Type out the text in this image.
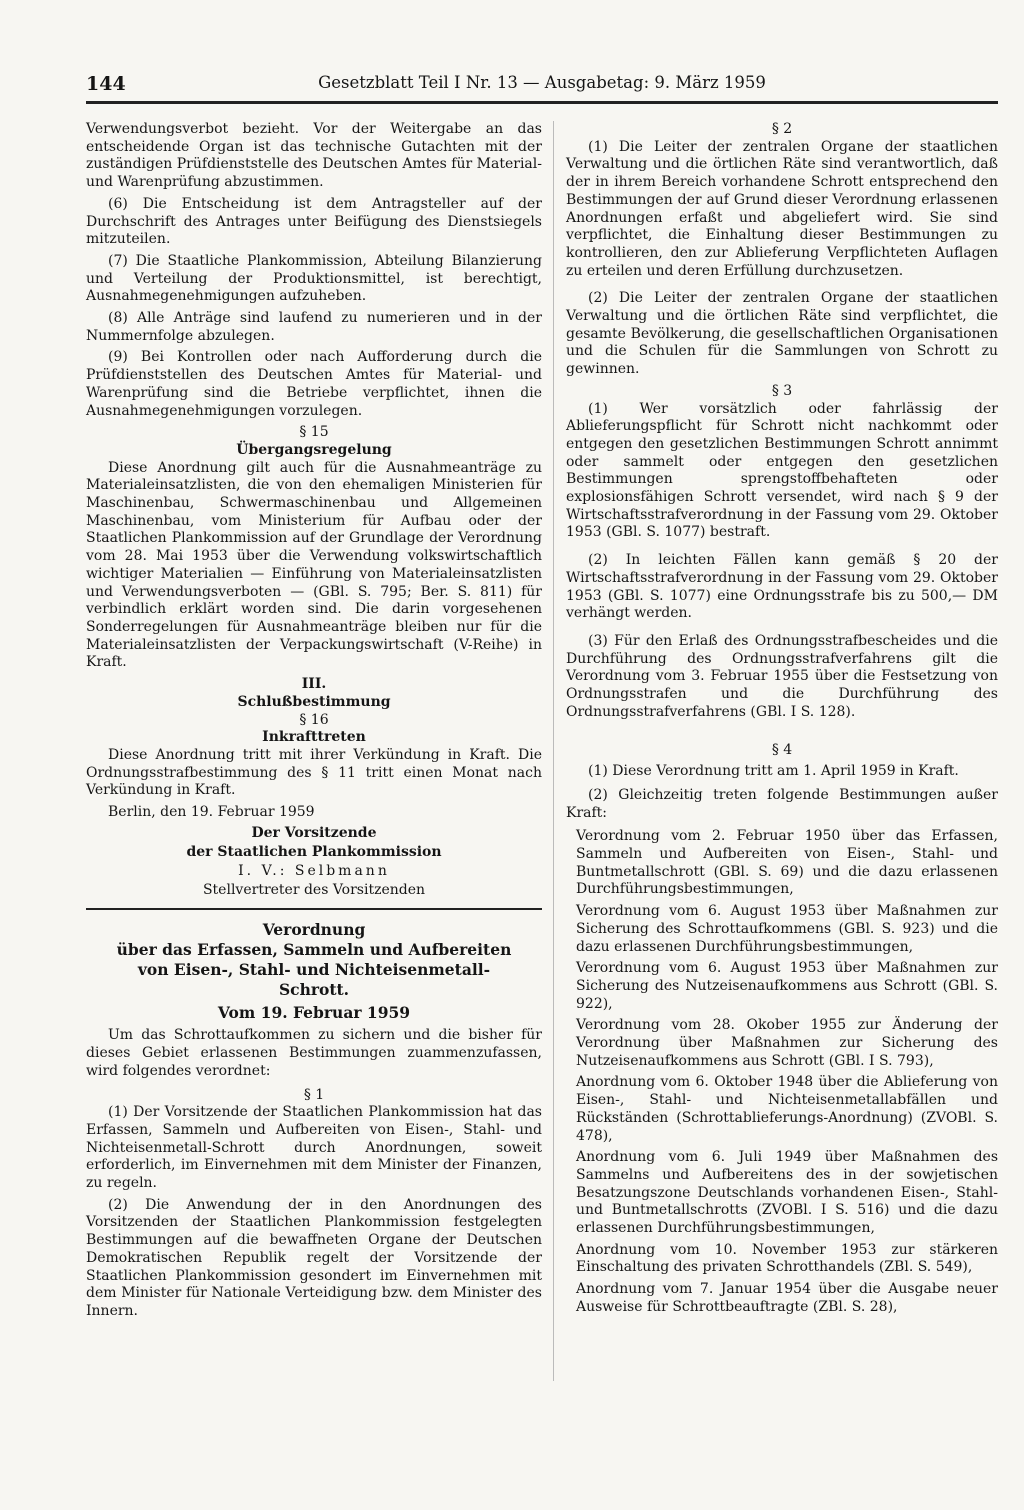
144	Gesetzblatt Teil I Nr. 13 — Ausgabetag: 9. März 1959

Verwendungsverbot bezieht. Vor der Weitergabe an das entscheidende Organ ist das technische Gutachten mit der zuständigen Prüfdienststelle des Deutschen Amtes für Material- und Warenprüfung abzustimmen.

(6) Die Entscheidung ist dem Antragsteller auf der Durchschrift des Antrages unter Beifügung des Dienstsiegels mitzuteilen.

(7) Die Staatliche Plankommission, Abteilung Bilanzierung und Verteilung der Produktionsmittel, ist berechtigt, Ausnahmegenehmigungen aufzuheben.

(8) Alle Anträge sind laufend zu numerieren und in der Nummernfolge abzulegen.

(9) Bei Kontrollen oder nach Aufforderung durch die Prüfdienststellen des Deutschen Amtes für Material- und Warenprüfung sind die Betriebe verpflichtet, ihnen die Ausnahmegenehmigungen vorzulegen.

§ 15

Übergangsregelung

Diese Anordnung gilt auch für die Ausnahmeanträge zu Materialeinsatzlisten, die von den ehemaligen Ministerien für Maschinenbau, Schwermaschinenbau und Allgemeinen Maschinenbau, vom Ministerium für Aufbau oder der Staatlichen Plankommission auf der Grundlage der Verordnung vom 28. Mai 1953 über die Verwendung volkswirtschaftlich wichtiger Materialien — Einführung von Materialeinsatzlisten und Verwendungsverboten — (GBl. S. 795; Ber. S. 811) für verbindlich erklärt worden sind. Die darin vorgesehenen Sonderregelungen für Ausnahmeanträge bleiben nur für die Materialeinsatzlisten der Verpackungswirtschaft (V-Reihe) in Kraft.

III.

Schlußbestimmung

§ 16

Inkrafttreten

Diese Anordnung tritt mit ihrer Verkündung in Kraft. Die Ordnungsstrafbestimmung des § 11 tritt einen Monat nach Verkündung in Kraft.

Berlin, den 19. Februar 1959

Der Vorsitzende
der Staatlichen Plankommission
I. V.: Selbmann
Stellvertreter des Vorsitzenden
Verordnung
über das Erfassen, Sammeln und Aufbereiten von Eisen-, Stahl- und Nichteisenmetall-Schrott.
Vom 19. Februar 1959

Um das Schrottaufkommen zu sichern und die bisher für dieses Gebiet erlassenen Bestimmungen zuammenzufassen, wird folgendes verordnet:

§ 1

(1) Der Vorsitzende der Staatlichen Plankommission hat das Erfassen, Sammeln und Aufbereiten von Eisen-, Stahl- und Nichteisenmetall-Schrott durch Anordnungen, soweit erforderlich, im Einvernehmen mit dem Minister der Finanzen, zu regeln.

(2) Die Anwendung der in den Anordnungen des Vorsitzenden der Staatlichen Plankommission festgelegten Bestimmungen auf die bewaffneten Organe der Deutschen Demokratischen Republik regelt der Vorsitzende der Staatlichen Plankommission gesondert im Einvernehmen mit dem Minister für Nationale Verteidigung bzw. dem Minister des Innern.

§ 2

(1) Die Leiter der zentralen Organe der staatlichen Verwaltung und die örtlichen Räte sind verantwortlich, daß der in ihrem Bereich vorhandene Schrott entsprechend den Bestimmungen der auf Grund dieser Verordnung erlassenen Anordnungen erfaßt und abgeliefert wird. Sie sind verpflichtet, die Einhaltung dieser Bestimmungen zu kontrollieren, den zur Ablieferung Verpflichteten Auflagen zu erteilen und deren Erfüllung durchzusetzen.

(2) Die Leiter der zentralen Organe der staatlichen Verwaltung und die örtlichen Räte sind verpflichtet, die gesamte Bevölkerung, die gesellschaftlichen Organisationen und die Schulen für die Sammlungen von Schrott zu gewinnen.

§ 3

(1) Wer vorsätzlich oder fahrlässig der Ablieferungspflicht für Schrott nicht nachkommt oder entgegen den gesetzlichen Bestimmungen Schrott annimmt oder sammelt oder entgegen den gesetzlichen Bestimmungen sprengstoffbehafteten oder explosionsfähigen Schrott versendet, wird nach § 9 der Wirtschaftsstrafverordnung in der Fassung vom 29. Oktober 1953 (GBl. S. 1077) bestraft.

(2) In leichten Fällen kann gemäß § 20 der Wirtschaftsstrafverordnung in der Fassung vom 29. Oktober 1953 (GBl. S. 1077) eine Ordnungsstrafe bis zu 500,— DM verhängt werden.

(3) Für den Erlaß des Ordnungsstrafbescheides und die Durchführung des Ordnungsstrafverfahrens gilt die Verordnung vom 3. Februar 1955 über die Festsetzung von Ordnungsstrafen und die Durchführung des Ordnungsstrafverfahrens (GBl. I S. 128).

§ 4

(1) Diese Verordnung tritt am 1. April 1959 in Kraft.

(2) Gleichzeitig treten folgende Bestimmungen außer Kraft:

Verordnung vom 2. Februar 1950 über das Erfassen, Sammeln und Aufbereiten von Eisen-, Stahl- und Buntmetallschrott (GBl. S. 69) und die dazu erlassenen Durchführungsbestimmungen,

Verordnung vom 6. August 1953 über Maßnahmen zur Sicherung des Schrottaufkommens (GBl. S. 923) und die dazu erlassenen Durchführungsbestimmungen,

Verordnung vom 6. August 1953 über Maßnahmen zur Sicherung des Nutzeisenaufkommens aus Schrott (GBl. S. 922),

Verordnung vom 28. Okober 1955 zur Änderung der Verordnung über Maßnahmen zur Sicherung des Nutzeisenaufkommens aus Schrott (GBl. I S. 793),

Anordnung vom 6. Oktober 1948 über die Ablieferung von Eisen-, Stahl- und Nichteisenmetallabfällen und Rückständen (Schrottablieferungs-Anordnung) (ZVOBl. S. 478),

Anordnung vom 6. Juli 1949 über Maßnahmen des Sammelns und Aufbereitens des in der sowjetischen Besatzungszone Deutschlands vorhandenen Eisen-, Stahl- und Buntmetallschrotts (ZVOBl. I S. 516) und die dazu erlassenen Durchführungsbestimmungen,

Anordnung vom 10. November 1953 zur stärkeren Einschaltung des privaten Schrotthandels (ZBl. S. 549),

Anordnung vom 7. Januar 1954 über die Ausgabe neuer Ausweise für Schrottbeauftragte (ZBl. S. 28),
